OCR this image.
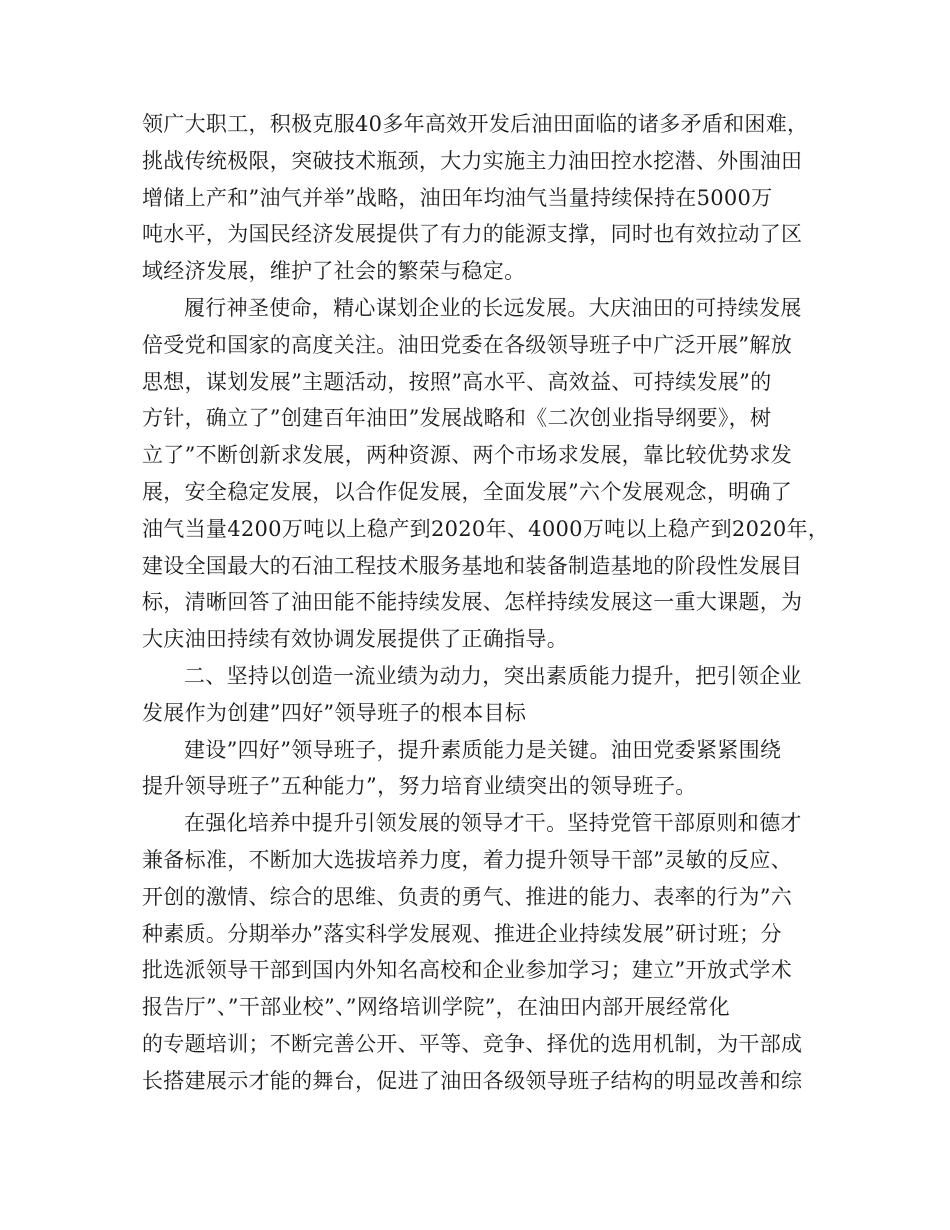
领广大职工，积极克服40多年高效开发后油田面临的诸多矛盾和困难，
挑战传统极限，突破技术瓶颈，大力实施主力油田控水挖潜、外围油田
增储上产和”油气并举”战略，油田年均油气当量持续保持在5000万
吨水平，为国民经济发展提供了有力的能源支撑，同时也有效拉动了区
域经济发展，维护了社会的繁荣与稳定。
履行神圣使命，精心谋划企业的长远发展。大庆油田的可持续发展
倍受党和国家的高度关注。油田党委在各级领导班子中广泛开展”解放
思想，谋划发展”主题活动，按照”高水平、高效益、可持续发展”的
方针，确立了”创建百年油田”发展战略和《二次创业指导纲要》，树
立了”不断创新求发展，两种资源、两个市场求发展，靠比较优势求发
展，安全稳定发展，以合作促发展，全面发展”六个发展观念，明确了
油气当量4200万吨以上稳产到2020年、4000万吨以上稳产到2020年，
建设全国最大的石油工程技术服务基地和装备制造基地的阶段性发展目
标，清晰回答了油田能不能持续发展、怎样持续发展这一重大课题，为
大庆油田持续有效协调发展提供了正确指导。
二、坚持以创造一流业绩为动力，突出素质能力提升，把引领企业
发展作为创建”四好”领导班子的根本目标
建设”四好”领导班子，提升素质能力是关键。油田党委紧紧围绕
提升领导班子”五种能力”，努力培育业绩突出的领导班子。
在强化培养中提升引领发展的领导才干。坚持党管干部原则和德才
兼备标准，不断加大选拔培养力度，着力提升领导干部”灵敏的反应、
开创的激情、综合的思维、负责的勇气、推进的能力、表率的行为”六
种素质。分期举办”落实科学发展观、推进企业持续发展”研讨班；分
批选派领导干部到国内外知名高校和企业参加学习；建立”开放式学术
报告厅”、”干部业校”、”网络培训学院”，在油田内部开展经常化
的专题培训；不断完善公开、平等、竞争、择优的选用机制，为干部成
长搭建展示才能的舞台，促进了油田各级领导班子结构的明显改善和综
